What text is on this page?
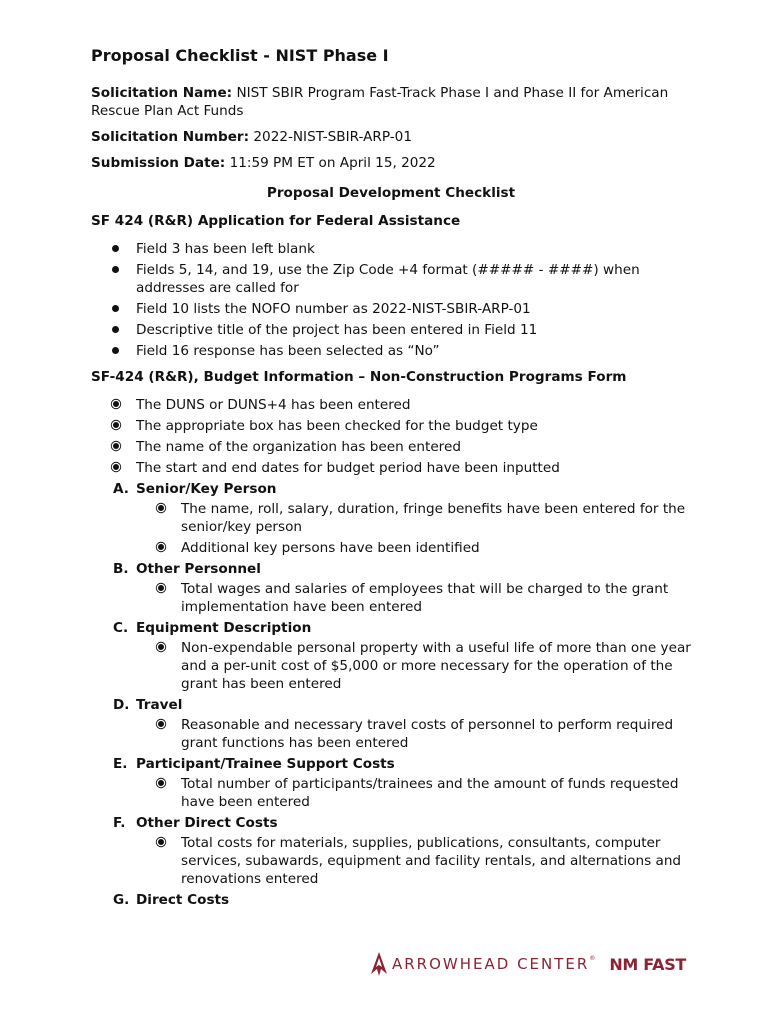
Proposal Checklist - NIST Phase I
Solicitation Name: NIST SBIR Program Fast-Track Phase I and Phase II for American Rescue Plan Act Funds
Solicitation Number: 2022-NIST-SBIR-ARP-01
Submission Date: 11:59 PM ET on April 15, 2022
Proposal Development Checklist
SF 424 (R&R) Application for Federal Assistance
Field 3 has been left blank
Fields 5, 14, and 19, use the Zip Code +4 format (##### - ####) when addresses are called for
Field 10 lists the NOFO number as 2022-NIST-SBIR-ARP-01
Descriptive title of the project has been entered in Field 11
Field 16 response has been selected as “No”
SF-424 (R&R), Budget Information – Non-Construction Programs Form
The DUNS or DUNS+4 has been entered
The appropriate box has been checked for the budget type
The name of the organization has been entered
The start and end dates for budget period have been inputted
A. Senior/Key Person
The name, roll, salary, duration, fringe benefits have been entered for the senior/key person
Additional key persons have been identified
B. Other Personnel
Total wages and salaries of employees that will be charged to the grant implementation have been entered
C. Equipment Description
Non-expendable personal property with a useful life of more than one year and a per-unit cost of $5,000 or more necessary for the operation of the grant has been entered
D. Travel
Reasonable and necessary travel costs of personnel to perform required grant functions has been entered
E. Participant/Trainee Support Costs
Total number of participants/trainees and the amount of funds requested have been entered
F. Other Direct Costs
Total costs for materials, supplies, publications, consultants, computer services, subawards, equipment and facility rentals, and alternations and renovations entered
G. Direct Costs
ARROWHEAD CENTER® NM FAST
